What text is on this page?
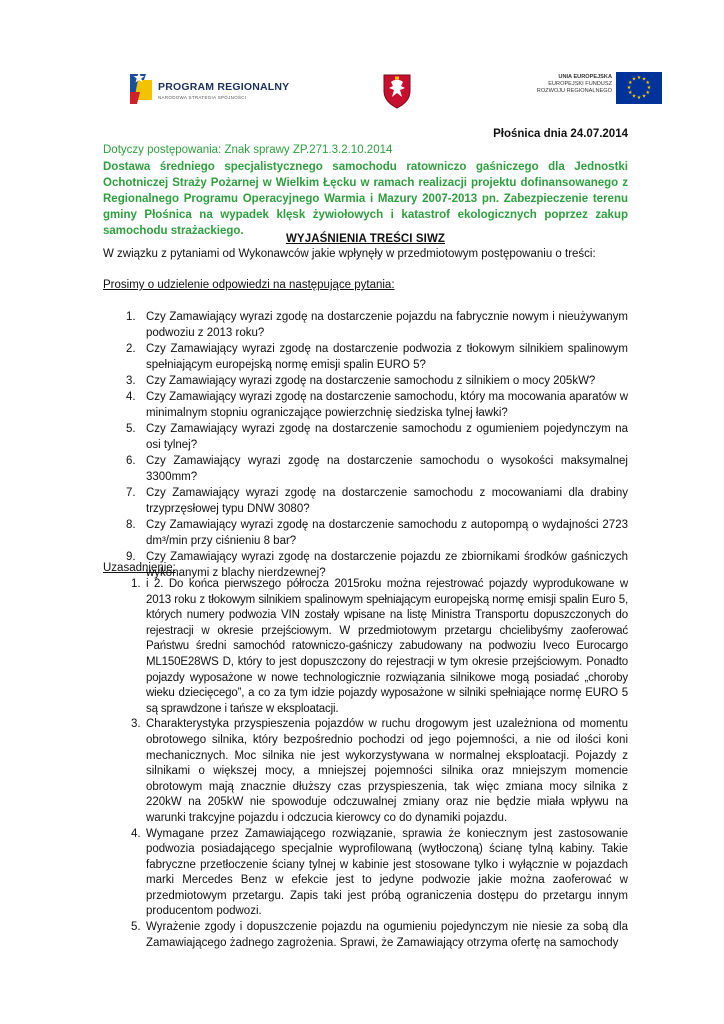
PROGRAM REGIONALNY
NARODOWA STRATEGIA SPÓJNOŚCI
UNIA EUROPEJSKA
EUROPEJSKI FUNDUSZ
ROZWOJU REGIONALNEGO
★ ★
★
★
★
★
★
★
★
★
★
★
Płośnica dnia 24.07.2014
Dotyczy postępowania: Znak sprawy ZP.271.3.2.10.2014
Dostawa średniego specjalistycznego samochodu ratowniczo gaśniczego dla Jednostki Ochotniczej Straży Pożarnej w Wielkim Łęcku w ramach realizacji projektu dofinansowanego z Regionalnego Programu Operacyjnego Warmia i Mazury 2007-2013 pn. Zabezpieczenie terenu gminy Płośnica na wypadek klęsk żywiołowych i katastrof ekologicznych poprzez zakup samochodu strażackiego.
WYJAŚNIENIA TREŚCI SIWZ
W związku z pytaniami od Wykonawców jakie wpłynęły w przedmiotowym postępowaniu o treści:
Prosimy o udzielenie odpowiedzi na następujące pytania:
1. Czy Zamawiający wyrazi zgodę na dostarczenie pojazdu na fabrycznie nowym i nieużywanym podwoziu z 2013 roku?
2. Czy Zamawiający wyrazi zgodę na dostarczenie podwozia z tłokowym silnikiem spalinowym spełniającym europejską normę emisji spalin EURO 5?
3. Czy Zamawiający wyrazi zgodę na dostarczenie samochodu z silnikiem o mocy 205kW?
4. Czy Zamawiający wyrazi zgodę na dostarczenie samochodu, który ma mocowania aparatów w minimalnym stopniu ograniczające powierzchnię siedziska tylnej ławki?
5. Czy Zamawiający wyrazi zgodę na dostarczenie samochodu z ogumieniem pojedynczym na osi tylnej?
6. Czy Zamawiający wyrazi zgodę na dostarczenie samochodu o wysokości maksymalnej 3300mm?
7. Czy Zamawiający wyrazi zgodę na dostarczenie samochodu z mocowaniami dla drabiny trzyprzęsłowej typu DNW 3080?
8. Czy Zamawiający wyrazi zgodę na dostarczenie samochodu z autopompą o wydajności 2723 dm³/min przy ciśnieniu 8 bar?
9. Czy Zamawiający wyrazi zgodę na dostarczenie pojazdu ze zbiornikami środków gaśniczych wykonanymi z blachy nierdzewnej?
Uzasadnienie:
1. i 2. Do końca pierwszego półrocza 2015roku można rejestrować pojazdy wyprodukowane w 2013 roku z tłokowym silnikiem spalinowym spełniającym europejską normę emisji spalin Euro 5, których numery podwozia VIN zostały wpisane na listę Ministra Transportu dopuszczonych do rejestracji w okresie przejściowym. W przedmiotowym przetargu chcielibyśmy zaoferować Państwu średni samochód ratowniczo-gaśniczy zabudowany na podwoziu Iveco Eurocargo ML150E28WS D, który to jest dopuszczony do rejestracji w tym okresie przejściowym. Ponadto pojazdy wyposażone w nowe technologicznie rozwiązania silnikowe mogą posiadać „choroby wieku dziecięcego”, a co za tym idzie pojazdy wyposażone w silniki spełniające normę EURO 5 są sprawdzone i tańsze w eksploatacji.
3. Charakterystyka przyspieszenia pojazdów w ruchu drogowym jest uzależniona od momentu obrotowego silnika, który bezpośrednio pochodzi od jego pojemności, a nie od ilości koni mechanicznych. Moc silnika nie jest wykorzystywana w normalnej eksploatacji. Pojazdy z silnikami o większej mocy, a mniejszej pojemności silnika oraz mniejszym momencie obrotowym mają znacznie dłuższy czas przyspieszenia, tak więc zmiana mocy silnika z 220kW na 205kW nie spowoduje odczuwalnej zmiany oraz nie będzie miała wpływu na warunki trakcyjne pojazdu i odczucia kierowcy co do dynamiki pojazdu.
4. Wymagane przez Zamawiającego rozwiązanie, sprawia że koniecznym jest zastosowanie podwozia posiadającego specjalnie wyprofilowaną (wytłoczoną) ścianę tylną kabiny. Takie fabryczne przetłoczenie ściany tylnej w kabinie jest stosowane tylko i wyłącznie w pojazdach marki Mercedes Benz w efekcie jest to jedyne podwozie jakie można zaoferować w przedmiotowym przetargu. Zapis taki jest próbą ograniczenia dostępu do przetargu innym producentom podwozi.
5. Wyrażenie zgody i dopuszczenie pojazdu na ogumieniu pojedynczym nie niesie za sobą dla Zamawiającego żadnego zagrożenia. Sprawi, że Zamawiający otrzyma ofertę na samochody
